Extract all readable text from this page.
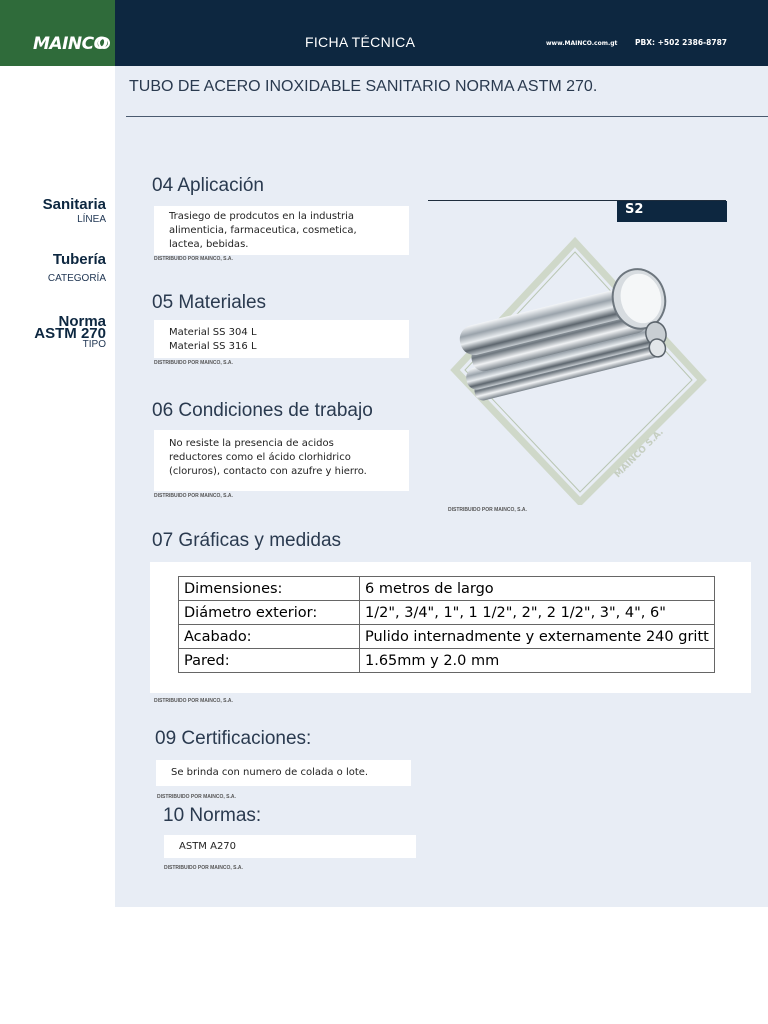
MAINCO	FICHA TÉCNICA	www.MAINCO.com.gt PBX: +502 2386-8787
TUBO DE ACERO INOXIDABLE SANITARIO NORMA ASTM 270.
Sanitaria
LÍNEA
Tubería
CATEGORÍA
Norma
ASTM 270
TIPO
04 Aplicación
Trasiego de prodcutos en la industria
alimenticia, farmaceutica, cosmetica,
lactea, bebidas.
DISTRIBUIDO POR MAINCO, S.A.
05 Materiales
Material SS 304 L
Material SS 316 L
DISTRIBUIDO POR MAINCO, S.A.
06 Condiciones de trabajo
No resiste la presencia de acidos
reductores como el ácido clorhidrico
(cloruros), contacto con azufre y hierro.
DISTRIBUIDO POR MAINCO, S.A.
S2
MAINCO S.A.
DISTRIBUIDO POR MAINCO, S.A.
07 Gráficas y medidas
Dimensiones:	6 metros de largo
Diámetro exterior:	1/2", 3/4", 1", 1 1/2", 2", 2 1/2", 3", 4", 6"
Acabado:	Pulido internadmente y externamente 240 gritt
Pared:	1.65mm y 2.0 mm
DISTRIBUIDO POR MAINCO, S.A.
09 Certificaciones:
Se brinda con numero de colada o lote.
DISTRIBUIDO POR MAINCO, S.A.
10 Normas:
ASTM A270
DISTRIBUIDO POR MAINCO, S.A.
